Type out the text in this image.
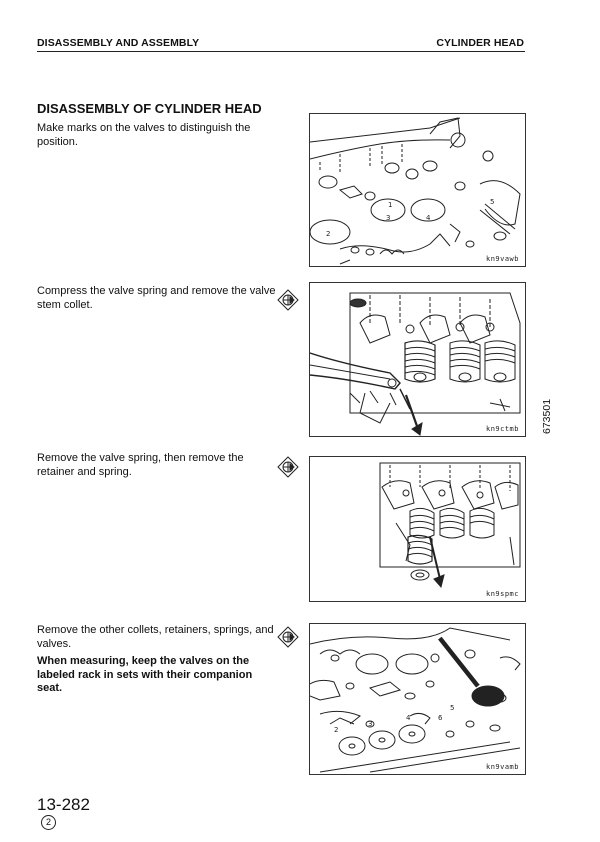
DISASSEMBLY AND ASSEMBLY	CYLINDER HEAD
DISASSEMBLY OF CYLINDER HEAD
Make marks on the valves to distinguish the position.
1
2
3	4
5
kn9vawb
Compress the valve spring and remove the valve stem collet.
kn9ctmb
Remove the valve spring, then remove the retainer and spring.
kn9spmc
Remove the other collets, retainers, springs, and valves.
When measuring, keep the valves on the labeled rack in sets with their companion seat.
2
3
4
5
6
kn9vamb
673501
13-282
2
